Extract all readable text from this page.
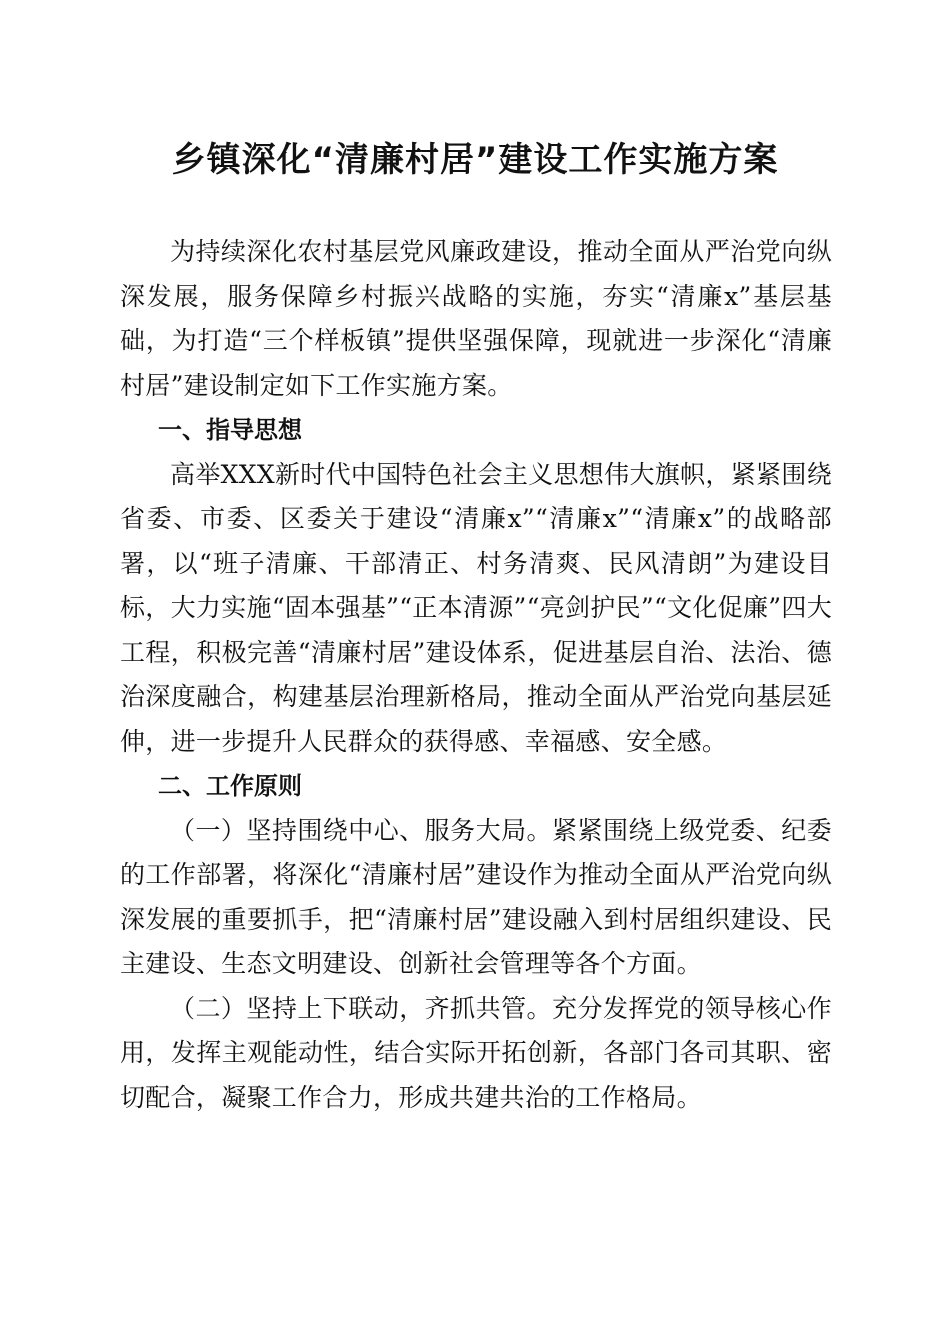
乡镇深化“清廉村居”建设工作实施方案

为持续深化农村基层党风廉政建设，推动全面从严治党向纵深发展，服务保障乡村振兴战略的实施，夯实“清廉x”基层基础，为打造“三个样板镇”提供坚强保障，现就进一步深化“清廉村居”建设制定如下工作实施方案。

一、指导思想

高举XXX新时代中国特色社会主义思想伟大旗帜，紧紧围绕省委、市委、区委关于建设“清廉x”“清廉x”“清廉x”的战略部署，以“班子清廉、干部清正、村务清爽、民风清朗”为建设目标，大力实施“固本强基”“正本清源”“亮剑护民”“文化促廉”四大工程，积极完善“清廉村居”建设体系，促进基层自治、法治、德治深度融合，构建基层治理新格局，推动全面从严治党向基层延伸，进一步提升人民群众的获得感、幸福感、安全感。

二、工作原则

（一）坚持围绕中心、服务大局。紧紧围绕上级党委、纪委的工作部署，将深化“清廉村居”建设作为推动全面从严治党向纵深发展的重要抓手，把“清廉村居”建设融入到村居组织建设、民主建设、生态文明建设、创新社会管理等各个方面。

（二）坚持上下联动，齐抓共管。充分发挥党的领导核心作用，发挥主观能动性，结合实际开拓创新，各部门各司其职、密切配合，凝聚工作合力，形成共建共治的工作格局。
